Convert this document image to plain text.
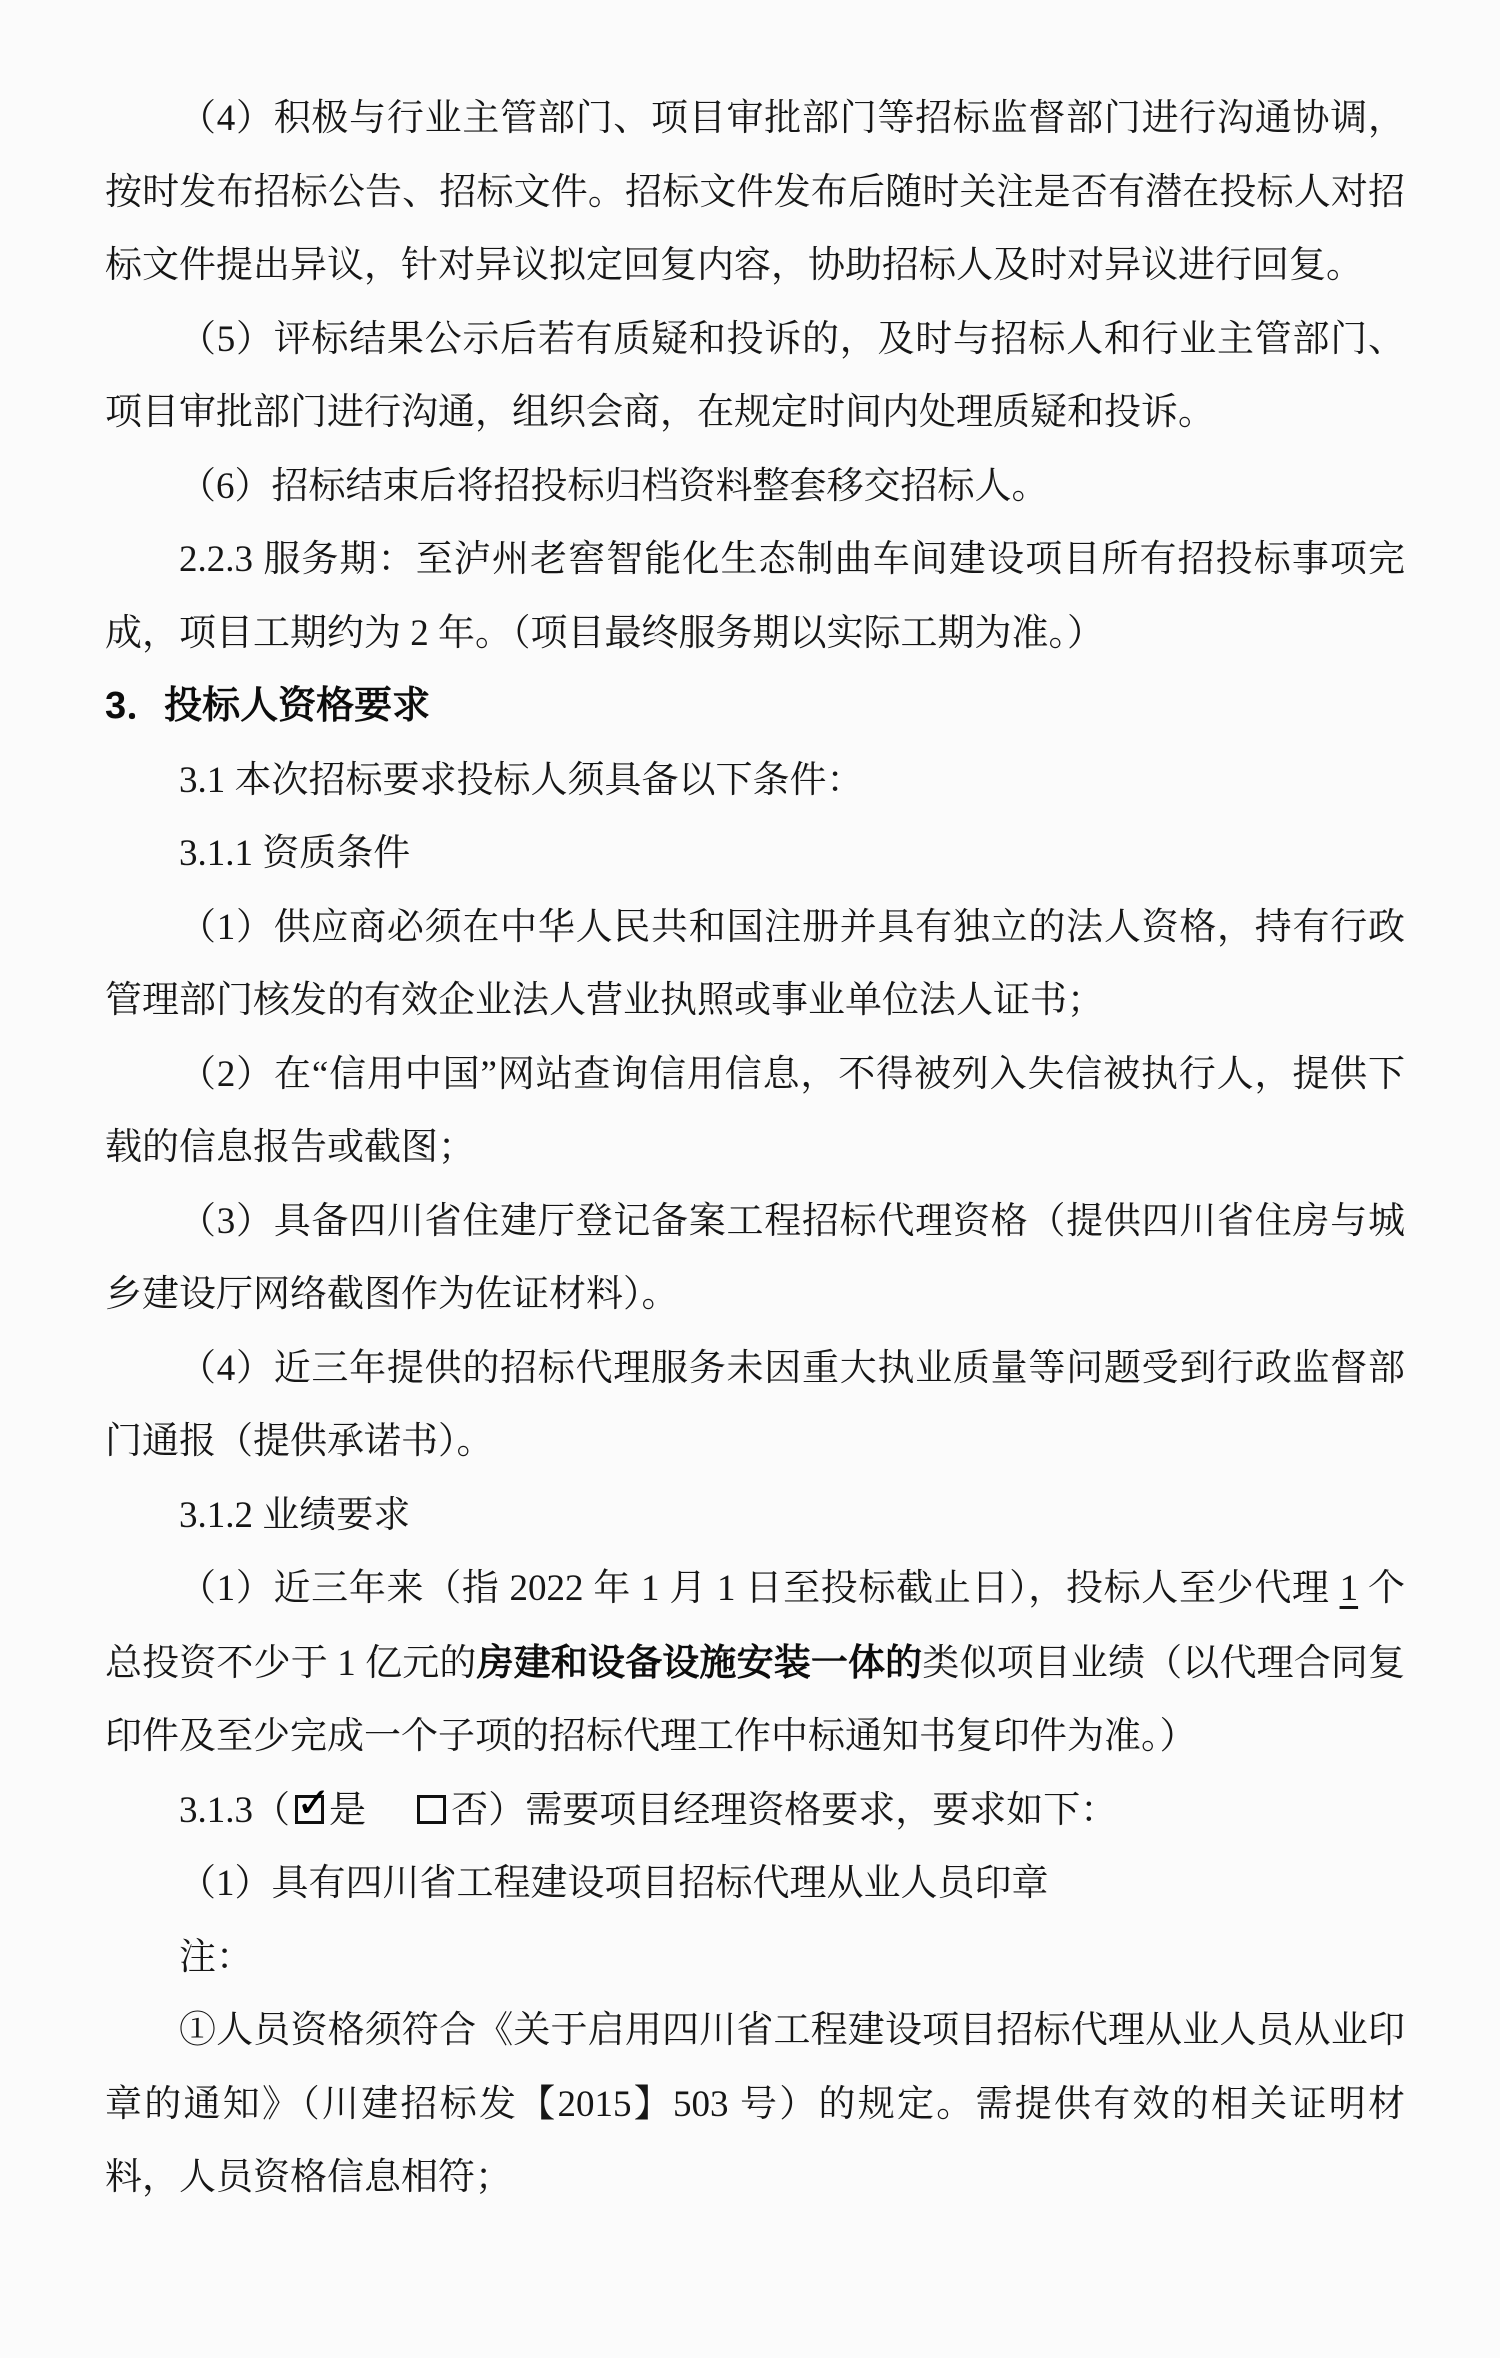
（4）积极与行业主管部门、项目审批部门等招标监督部门进行沟通协调，按时发布招标公告、招标文件。招标文件发布后随时关注是否有潜在投标人对招标文件提出异议，针对异议拟定回复内容，协助招标人及时对异议进行回复。

（5）评标结果公示后若有质疑和投诉的，及时与招标人和行业主管部门、项目审批部门进行沟通，组织会商，在规定时间内处理质疑和投诉。

（6）招标结束后将招投标归档资料整套移交招标人。

2.2.3 服务期：至泸州老窖智能化生态制曲车间建设项目所有招投标事项完成，项目工期约为 2 年。（项目最终服务期以实际工期为准。）

3．投标人资格要求

3.1 本次招标要求投标人须具备以下条件：

3.1.1 资质条件

（1）供应商必须在中华人民共和国注册并具有独立的法人资格，持有行政管理部门核发的有效企业法人营业执照或事业单位法人证书；

（2）在“信用中国”网站查询信用信息，不得被列入失信被执行人，提供下载的信息报告或截图；

（3）具备四川省住建厅登记备案工程招标代理资格（提供四川省住房与城乡建设厅网络截图作为佐证材料）。

（4）近三年提供的招标代理服务未因重大执业质量等问题受到行政监督部门通报（提供承诺书）。

3.1.2 业绩要求

（1）近三年来（指 2022 年 1 月 1 日至投标截止日），投标人至少代理 1 个总投资不少于 1 亿元的房建和设备设施安装一体的类似项目业绩（以代理合同复印件及至少完成一个子项的招标代理工作中标通知书复印件为准。）

3.1.3（ ✓
是　 否）需要项目经理资格要求，要求如下：

（1）具有四川省工程建设项目招标代理从业人员印章

注：

①人员资格须符合《关于启用四川省工程建设项目招标代理从业人员从业印章的通知》（川建招标发【2015】503 号）的规定。需提供有效的相关证明材料，人员资格信息相符；
